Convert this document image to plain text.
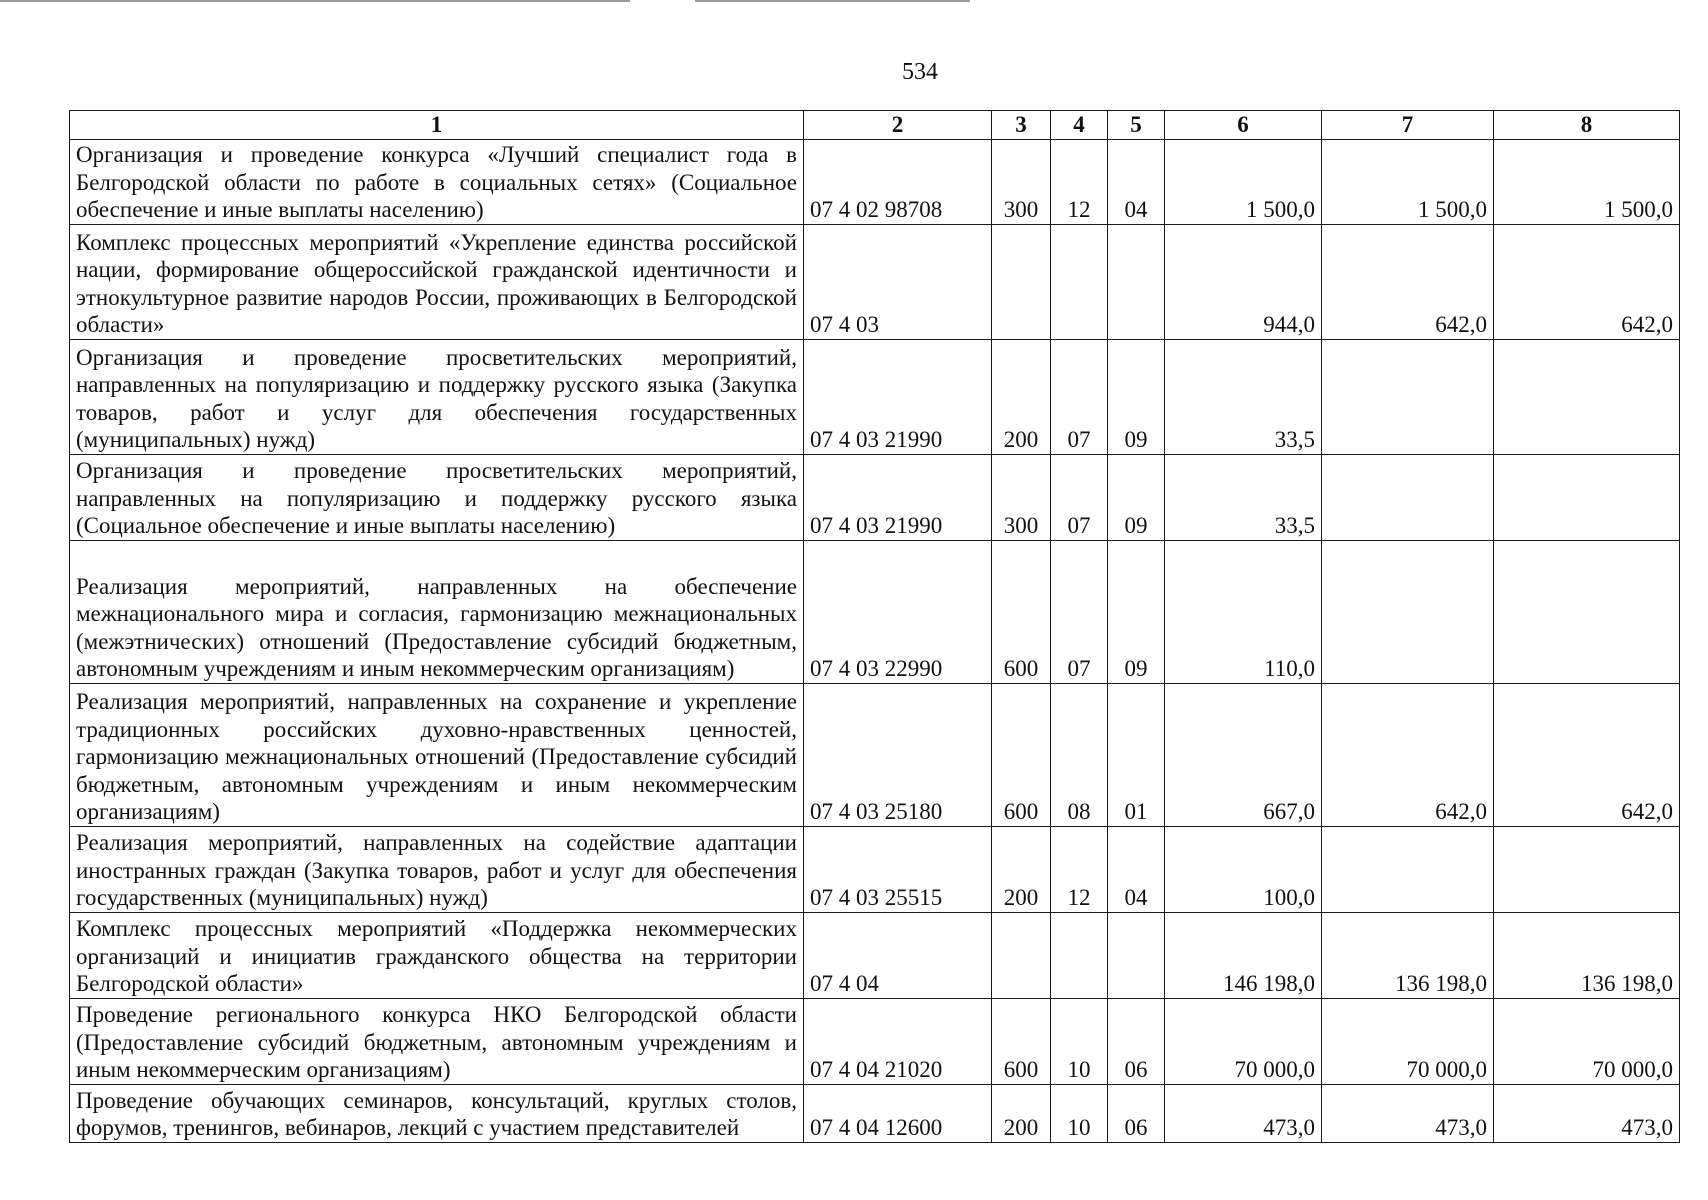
534
1	2	3	4	5	6	7	8
Организация и проведение конкурса «Лучший специалист года в Белгородской области по работе в социальных сетях» (Социальное обеспечение и иные выплаты населению)	07 4 02 98708	300	12	04	1 500,0	1 500,0	1 500,0
Комплекс процессных мероприятий «Укрепление единства российской нации, формирование общероссийской гражданской идентичности и этнокультурное развитие народов России, проживающих в Белгородской области»	07 4 03				944,0	642,0	642,0
Организация и проведение просветительских мероприятий, направленных на популяризацию и поддержку русского языка (Закупка товаров, работ и услуг для обеспечения государственных (муниципальных) нужд)	07 4 03 21990	200	07	09	33,5		
Организация и проведение просветительских мероприятий, направленных на популяризацию и поддержку русского языка (Социальное обеспечение и иные выплаты населению)	07 4 03 21990	300	07	09	33,5		
Реализация мероприятий, направленных на обеспечение межнационального мира и согласия, гармонизацию межнациональных (межэтнических) отношений (Предоставление субсидий бюджетным, автономным учреждениям и иным некоммерческим организациям)	07 4 03 22990	600	07	09	110,0		
Реализация мероприятий, направленных на сохранение и укрепление традиционных российских духовно-нравственных ценностей, гармонизацию межнациональных отношений (Предоставление субсидий бюджетным, автономным учреждениям и иным некоммерческим организациям)	07 4 03 25180	600	08	01	667,0	642,0	642,0
Реализация мероприятий, направленных на содействие адаптации иностранных граждан (Закупка товаров, работ и услуг для обеспечения государственных (муниципальных) нужд)	07 4 03 25515	200	12	04	100,0		
Комплекс процессных мероприятий «Поддержка некоммерческих организаций и инициатив гражданского общества на территории Белгородской области»	07 4 04				146 198,0	136 198,0	136 198,0
Проведение регионального конкурса НКО Белгородской области (Предоставление субсидий бюджетным, автономным учреждениям и иным некоммерческим организациям)	07 4 04 21020	600	10	06	70 000,0	70 000,0	70 000,0
Проведение обучающих семинаров, консультаций, круглых столов, форумов, тренингов, вебинаров, лекций с участием представителей	07 4 04 12600	200	10	06	473,0	473,0	473,0
